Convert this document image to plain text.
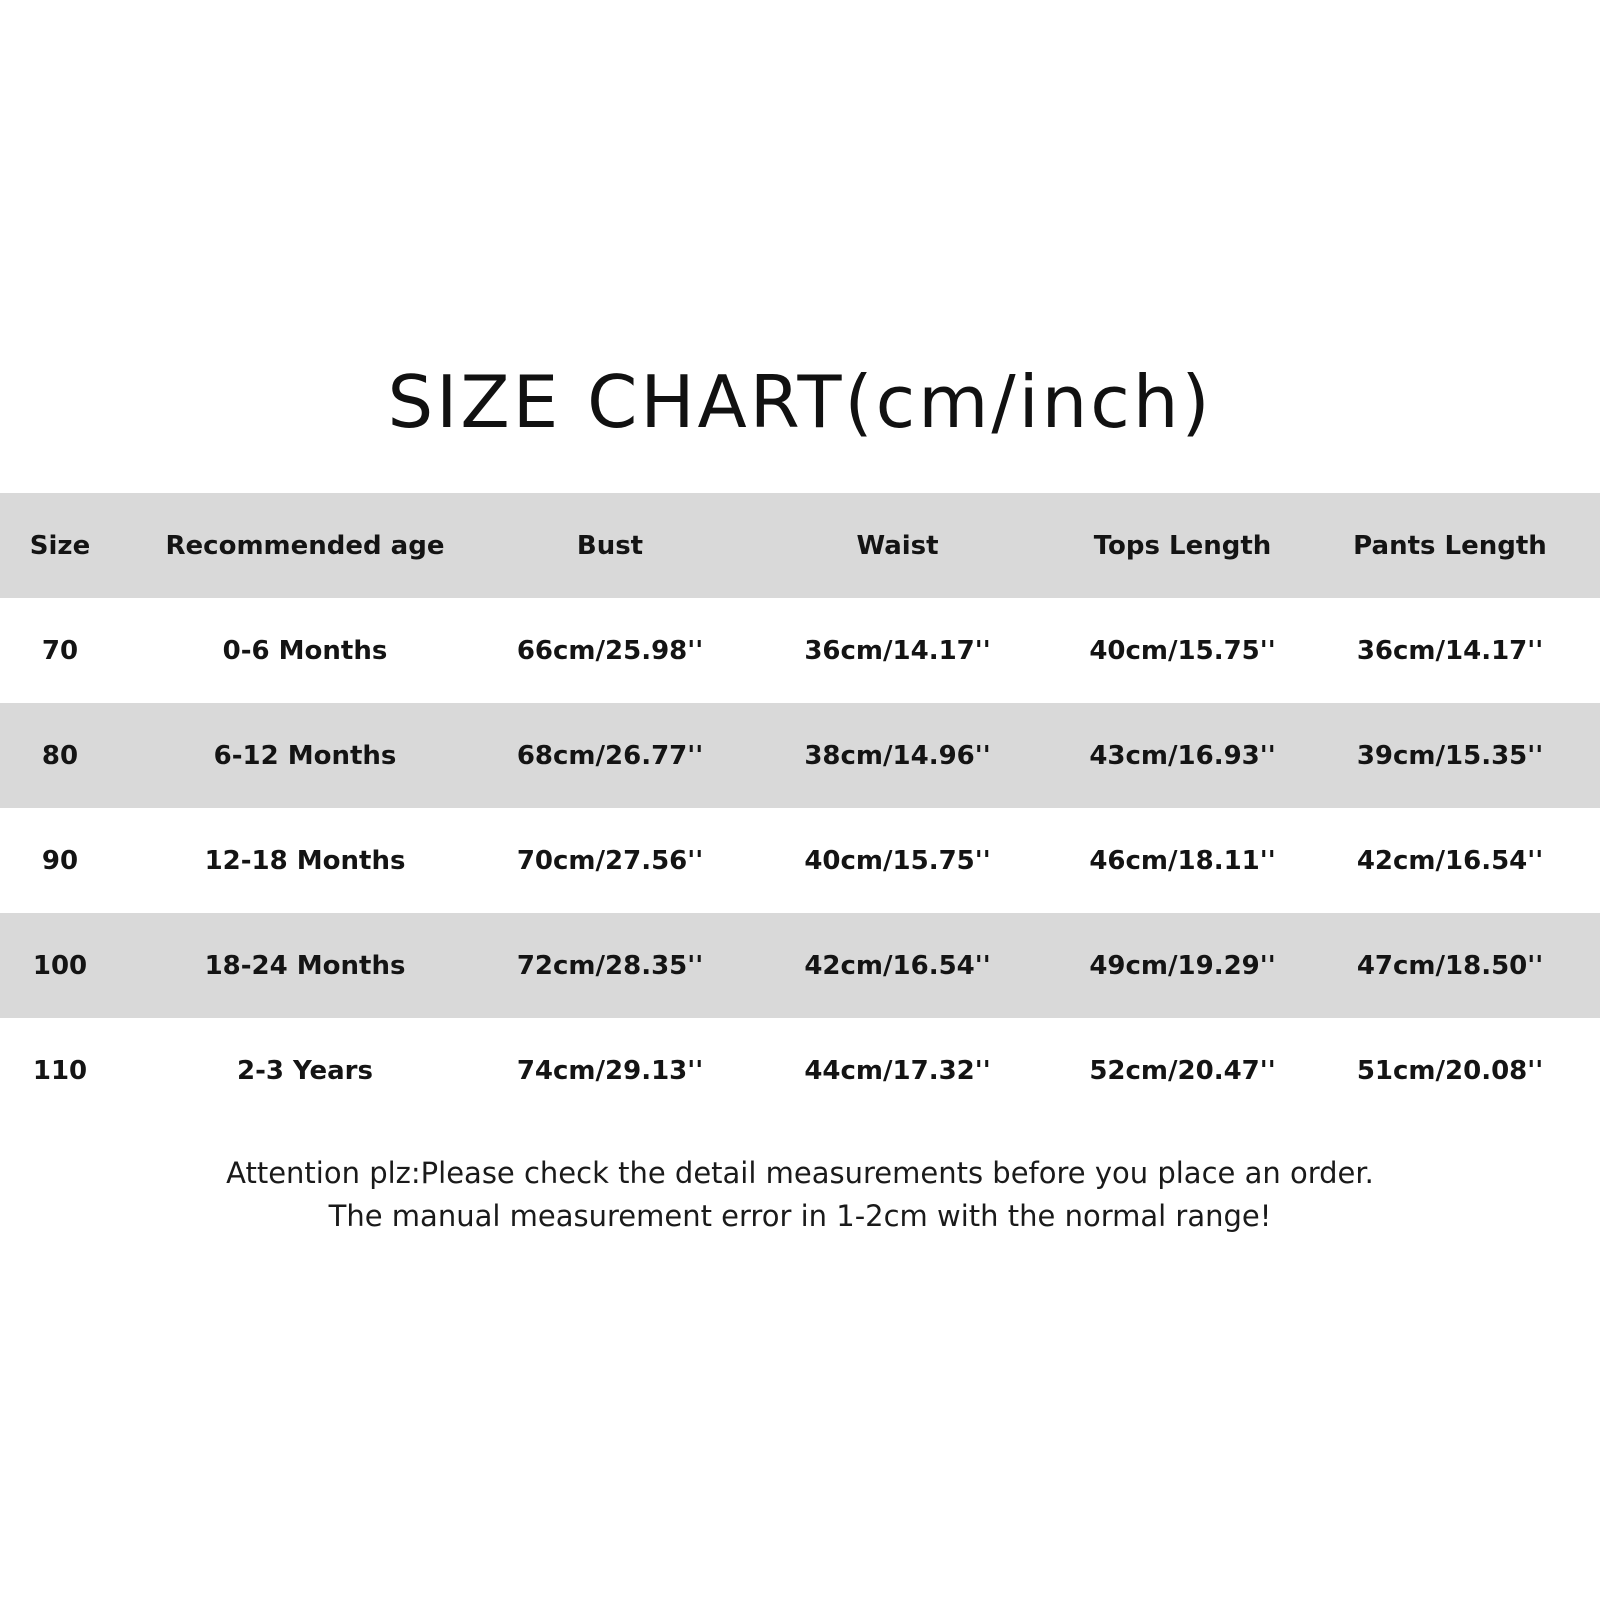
SIZE CHART(cm/inch)
Size	Recommended age	Bust	Waist	Tops Length	Pants Length
70	0-6 Months	66cm/25.98''	36cm/14.17''	40cm/15.75''	36cm/14.17''
80	6-12 Months	68cm/26.77''	38cm/14.96''	43cm/16.93''	39cm/15.35''
90	12-18 Months	70cm/27.56''	40cm/15.75''	46cm/18.11''	42cm/16.54''
100	18-24 Months	72cm/28.35''	42cm/16.54''	49cm/19.29''	47cm/18.50''
110	2-3 Years	74cm/29.13''	44cm/17.32''	52cm/20.47''	51cm/20.08''
Attention plz:Please check the detail measurements before you place an order.
The manual measurement error in 1-2cm with the normal range!
